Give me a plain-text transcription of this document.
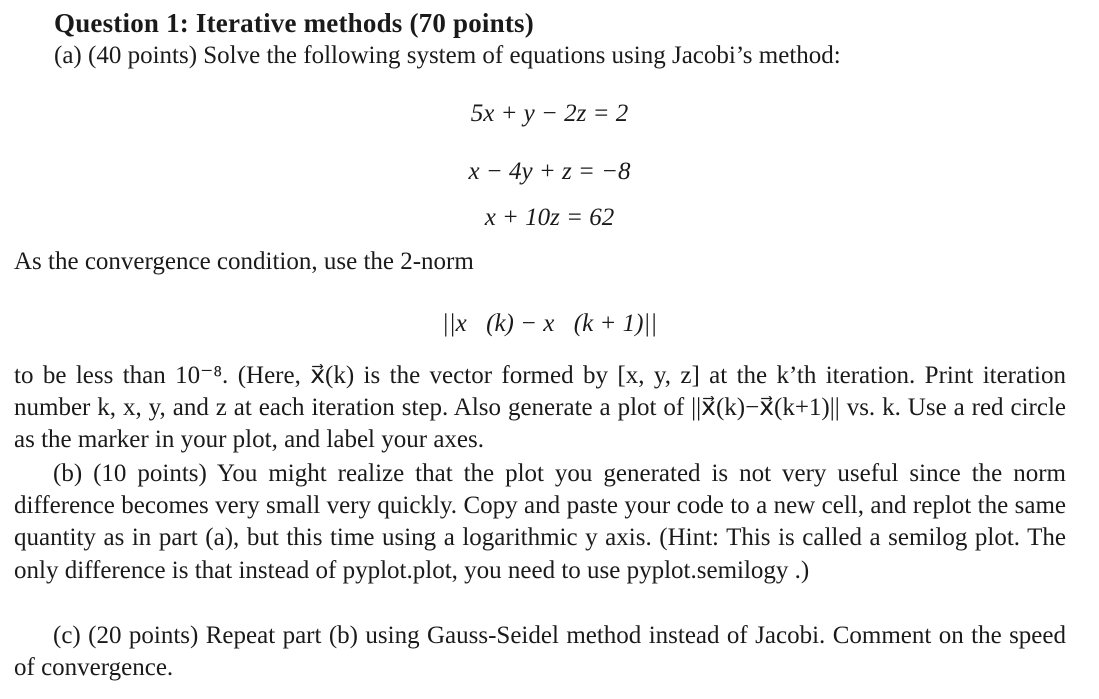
Question 1: Iterative methods (70 points)
(a) (40 points) Solve the following system of equations using Jacobi’s method:
5x + y − 2z = 2
x − 4y + z = −8
x + 10z = 62
As the convergence condition, use the 2-norm
||x⃗(k) − x⃗(k + 1)||
to be less than 10⁻⁸. (Here, x⃗(k) is the vector formed by [x, y, z] at the k’th iteration. Print iteration number k, x, y, and z at each iteration step. Also generate a plot of ||x⃗(k)−x⃗(k+1)|| vs. k. Use a red circle as the marker in your plot, and label your axes.
(b) (10 points) You might realize that the plot you generated is not very useful since the norm difference becomes very small very quickly. Copy and paste your code to a new cell, and replot the same quantity as in part (a), but this time using a logarithmic y axis. (Hint: This is called a semilog plot. The only difference is that instead of pyplot.plot, you need to use pyplot.semilogy .)
(c) (20 points) Repeat part (b) using Gauss-Seidel method instead of Jacobi. Comment on the speed of convergence.
